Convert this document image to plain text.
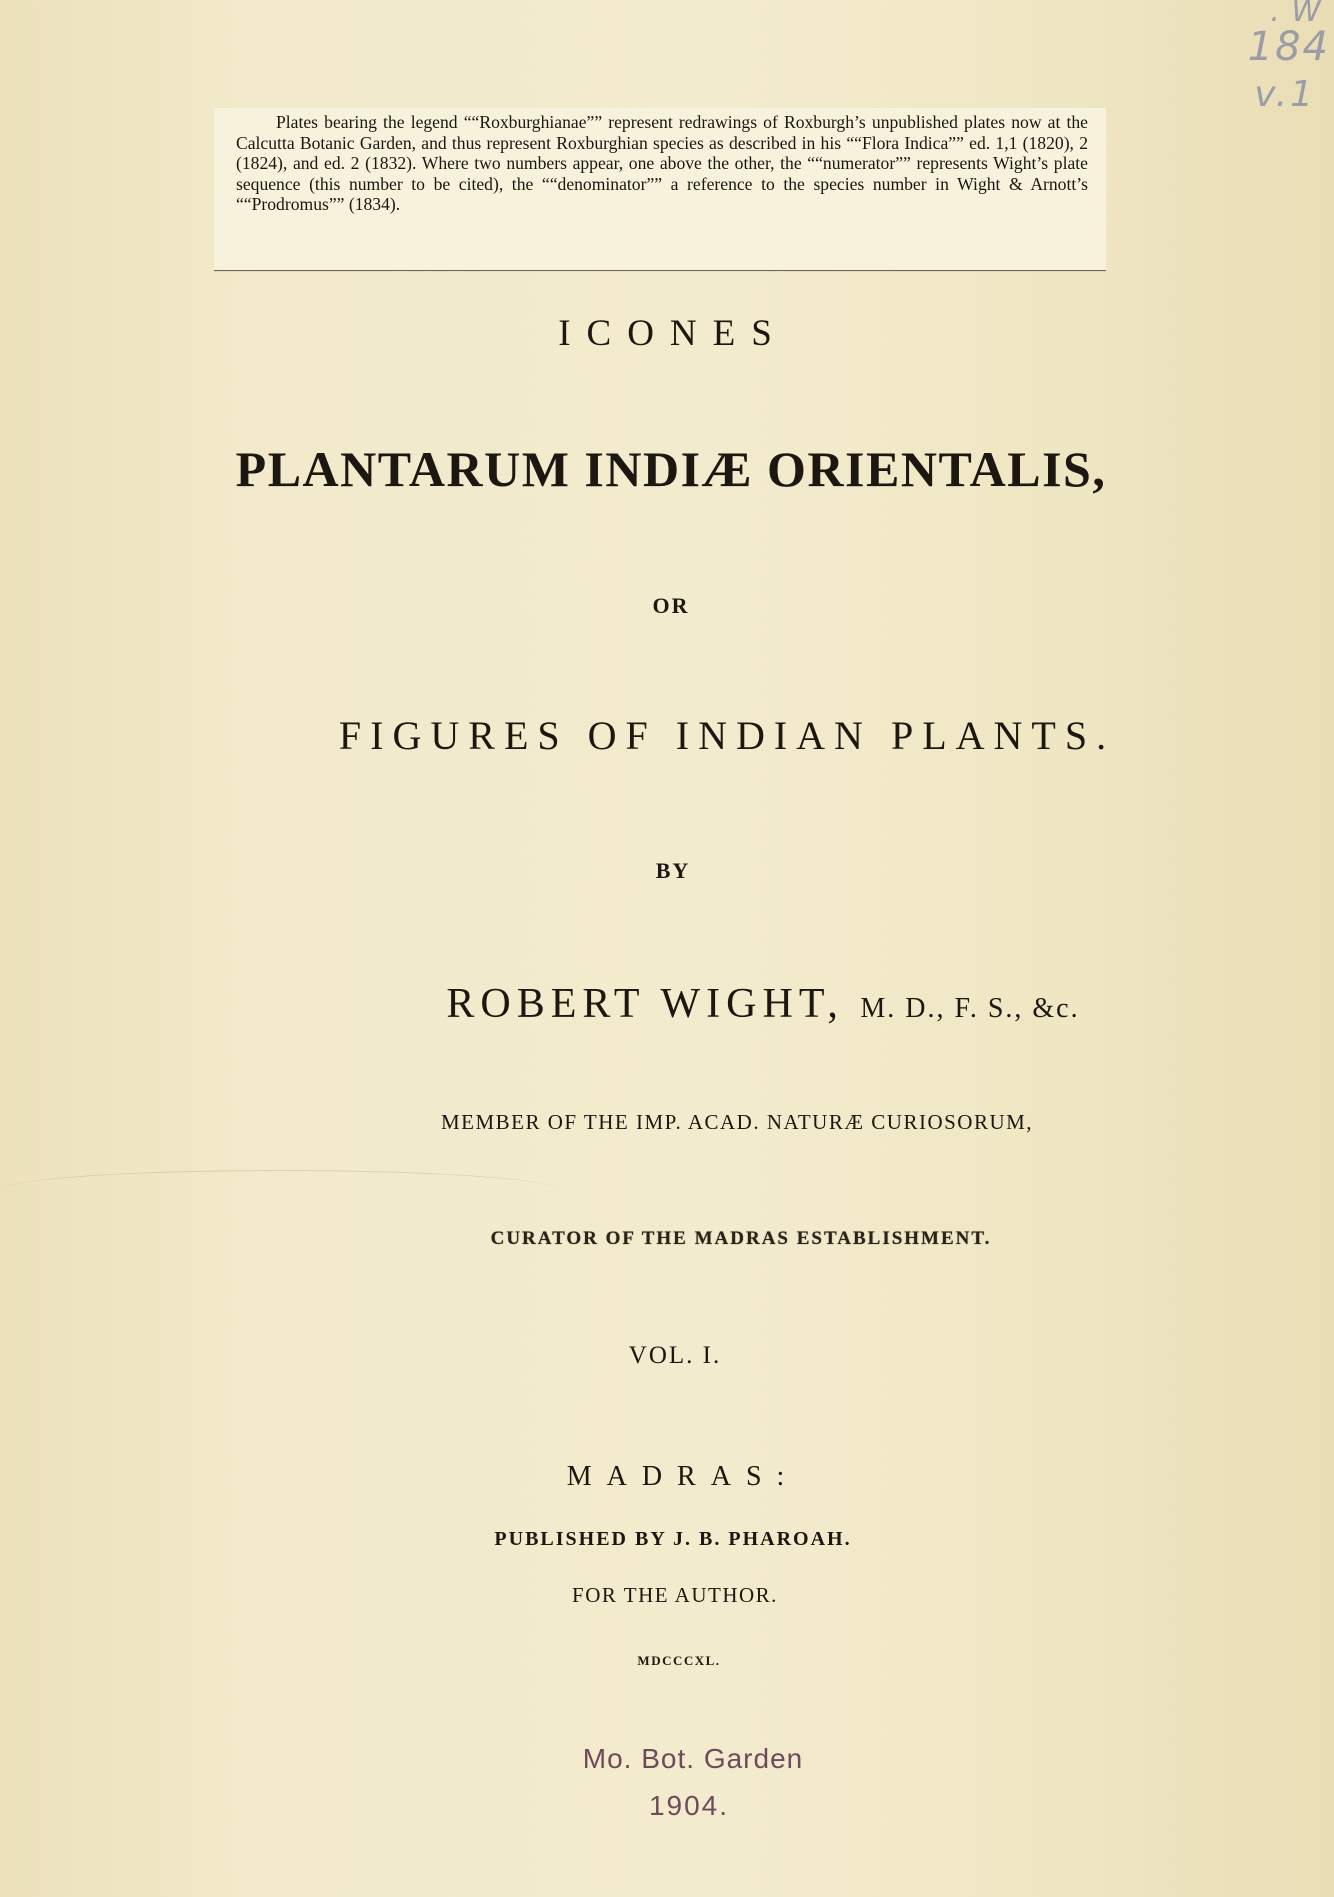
Plates bearing the legend ““Roxburghianae”” represent redrawings of Roxburgh’s unpublished plates now at the Calcutta Botanic Garden, and thus represent Roxburghian species as described in his ““Flora Indica”” ed. 1,1 (1820), 2 (1824), and ed. 2 (1832). Where two numbers appear, one above the other, the ““numerator”” represents Wight’s plate sequence (this number to be cited), the ““denominator”” a reference to the species number in Wight & Arnott’s ““Prodromus”” (1834).
. W
184
v.1
ICONES
PLANTARUM INDIÆ ORIENTALIS,
OR
FIGURES OF INDIAN PLANTS.
BY
ROBERT WIGHT, M. D., F. S., &c.
MEMBER OF THE IMP. ACAD. NATURÆ CURIOSORUM,
CURATOR OF THE MADRAS ESTABLISHMENT.
VOL. I.
MADRAS:
PUBLISHED BY J. B. PHAROAH.
FOR THE AUTHOR.
MDCCCXL.
Mo. Bot. Garden
1904.
